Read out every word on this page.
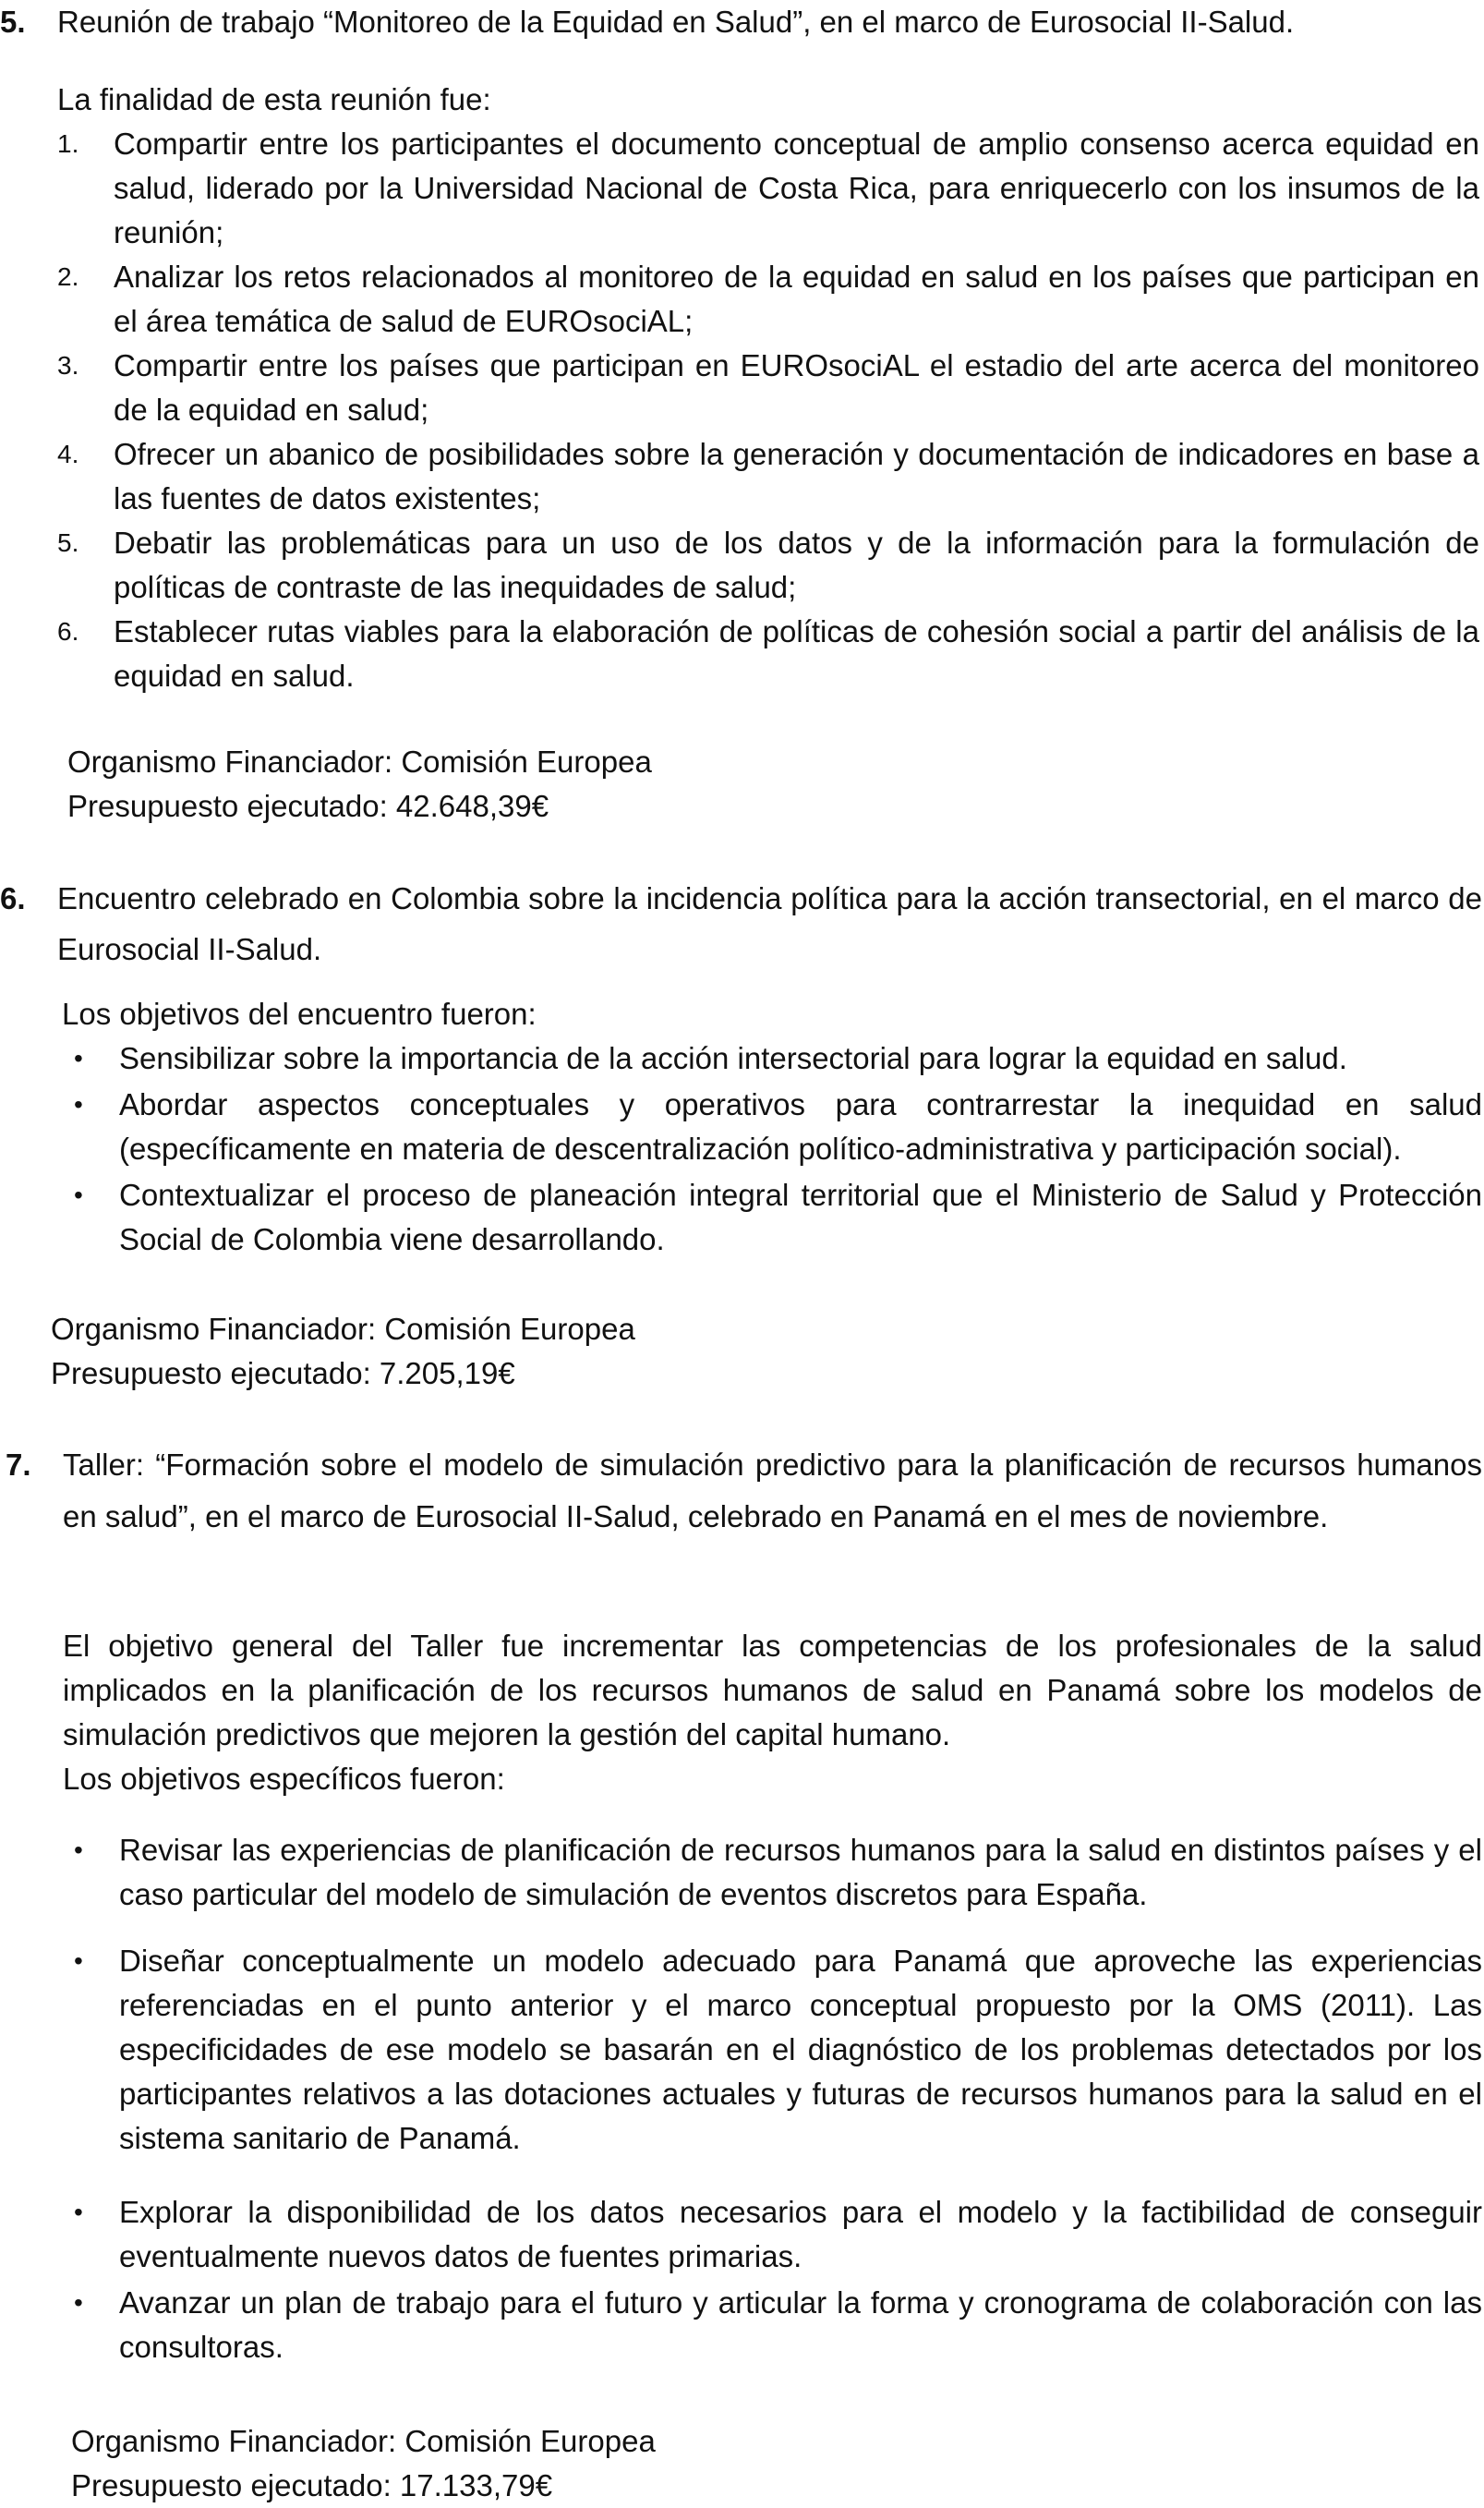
5. Reunión de trabajo “Monitoreo de la Equidad en Salud”, en el marco de Eurosocial II-Salud.

La finalidad de esta reunión fue:

1. Compartir entre los participantes el documento conceptual de amplio consenso acerca equidad en salud, liderado por la Universidad Nacional de Costa Rica, para enriquecerlo con los insumos de la reunión;
2. Analizar los retos relacionados al monitoreo de la equidad en salud en los países que participan en el área temática de salud de EUROsociAL;
3. Compartir entre los países que participan en EUROsociAL el estadio del arte acerca del monitoreo de la equidad en salud;
4. Ofrecer un abanico de posibilidades sobre la generación y documentación de indicadores en base a las fuentes de datos existentes;
5. Debatir las problemáticas para un uso de los datos y de la información para la formulación de políticas de contraste de las inequidades de salud;
6. Establecer rutas viables para la elaboración de políticas de cohesión social a partir del análisis de la equidad en salud.

Organismo Financiador: Comisión Europea

Presupuesto ejecutado: 42.648,39€

6. Encuentro celebrado en Colombia sobre la incidencia política para la acción transectorial, en el marco de Eurosocial II-Salud.

Los objetivos del encuentro fueron:

• Sensibilizar sobre la importancia de la acción intersectorial para lograr la equidad en salud.
• Abordar aspectos conceptuales y operativos para contrarrestar la inequidad en salud (específicamente en materia de descentralización político-administrativa y participación social).
• Contextualizar el proceso de planeación integral territorial que el Ministerio de Salud y Protección Social de Colombia viene desarrollando.

Organismo Financiador: Comisión Europea

Presupuesto ejecutado: 7.205,19€

7. Taller: “Formación sobre el modelo de simulación predictivo para la planificación de recursos humanos en salud”, en el marco de Eurosocial II-Salud, celebrado en Panamá en el mes de noviembre.

El objetivo general del Taller fue incrementar las competencias de los profesionales de la salud implicados en la planificación de los recursos humanos de salud en Panamá sobre los modelos de simulación predictivos que mejoren la gestión del capital humano.

Los objetivos específicos fueron:

• Revisar las experiencias de planificación de recursos humanos para la salud en distintos países y el caso particular del modelo de simulación de eventos discretos para España.
• Diseñar conceptualmente un modelo adecuado para Panamá que aproveche las experiencias referenciadas en el punto anterior y el marco conceptual propuesto por la OMS (2011). Las especificidades de ese modelo se basarán en el diagnóstico de los problemas detectados por los participantes relativos a las dotaciones actuales y futuras de recursos humanos para la salud en el sistema sanitario de Panamá.
• Explorar la disponibilidad de los datos necesarios para el modelo y la factibilidad de conseguir eventualmente nuevos datos de fuentes primarias.
• Avanzar un plan de trabajo para el futuro y articular la forma y cronograma de colaboración con las consultoras.

Organismo Financiador: Comisión Europea

Presupuesto ejecutado: 17.133,79€
